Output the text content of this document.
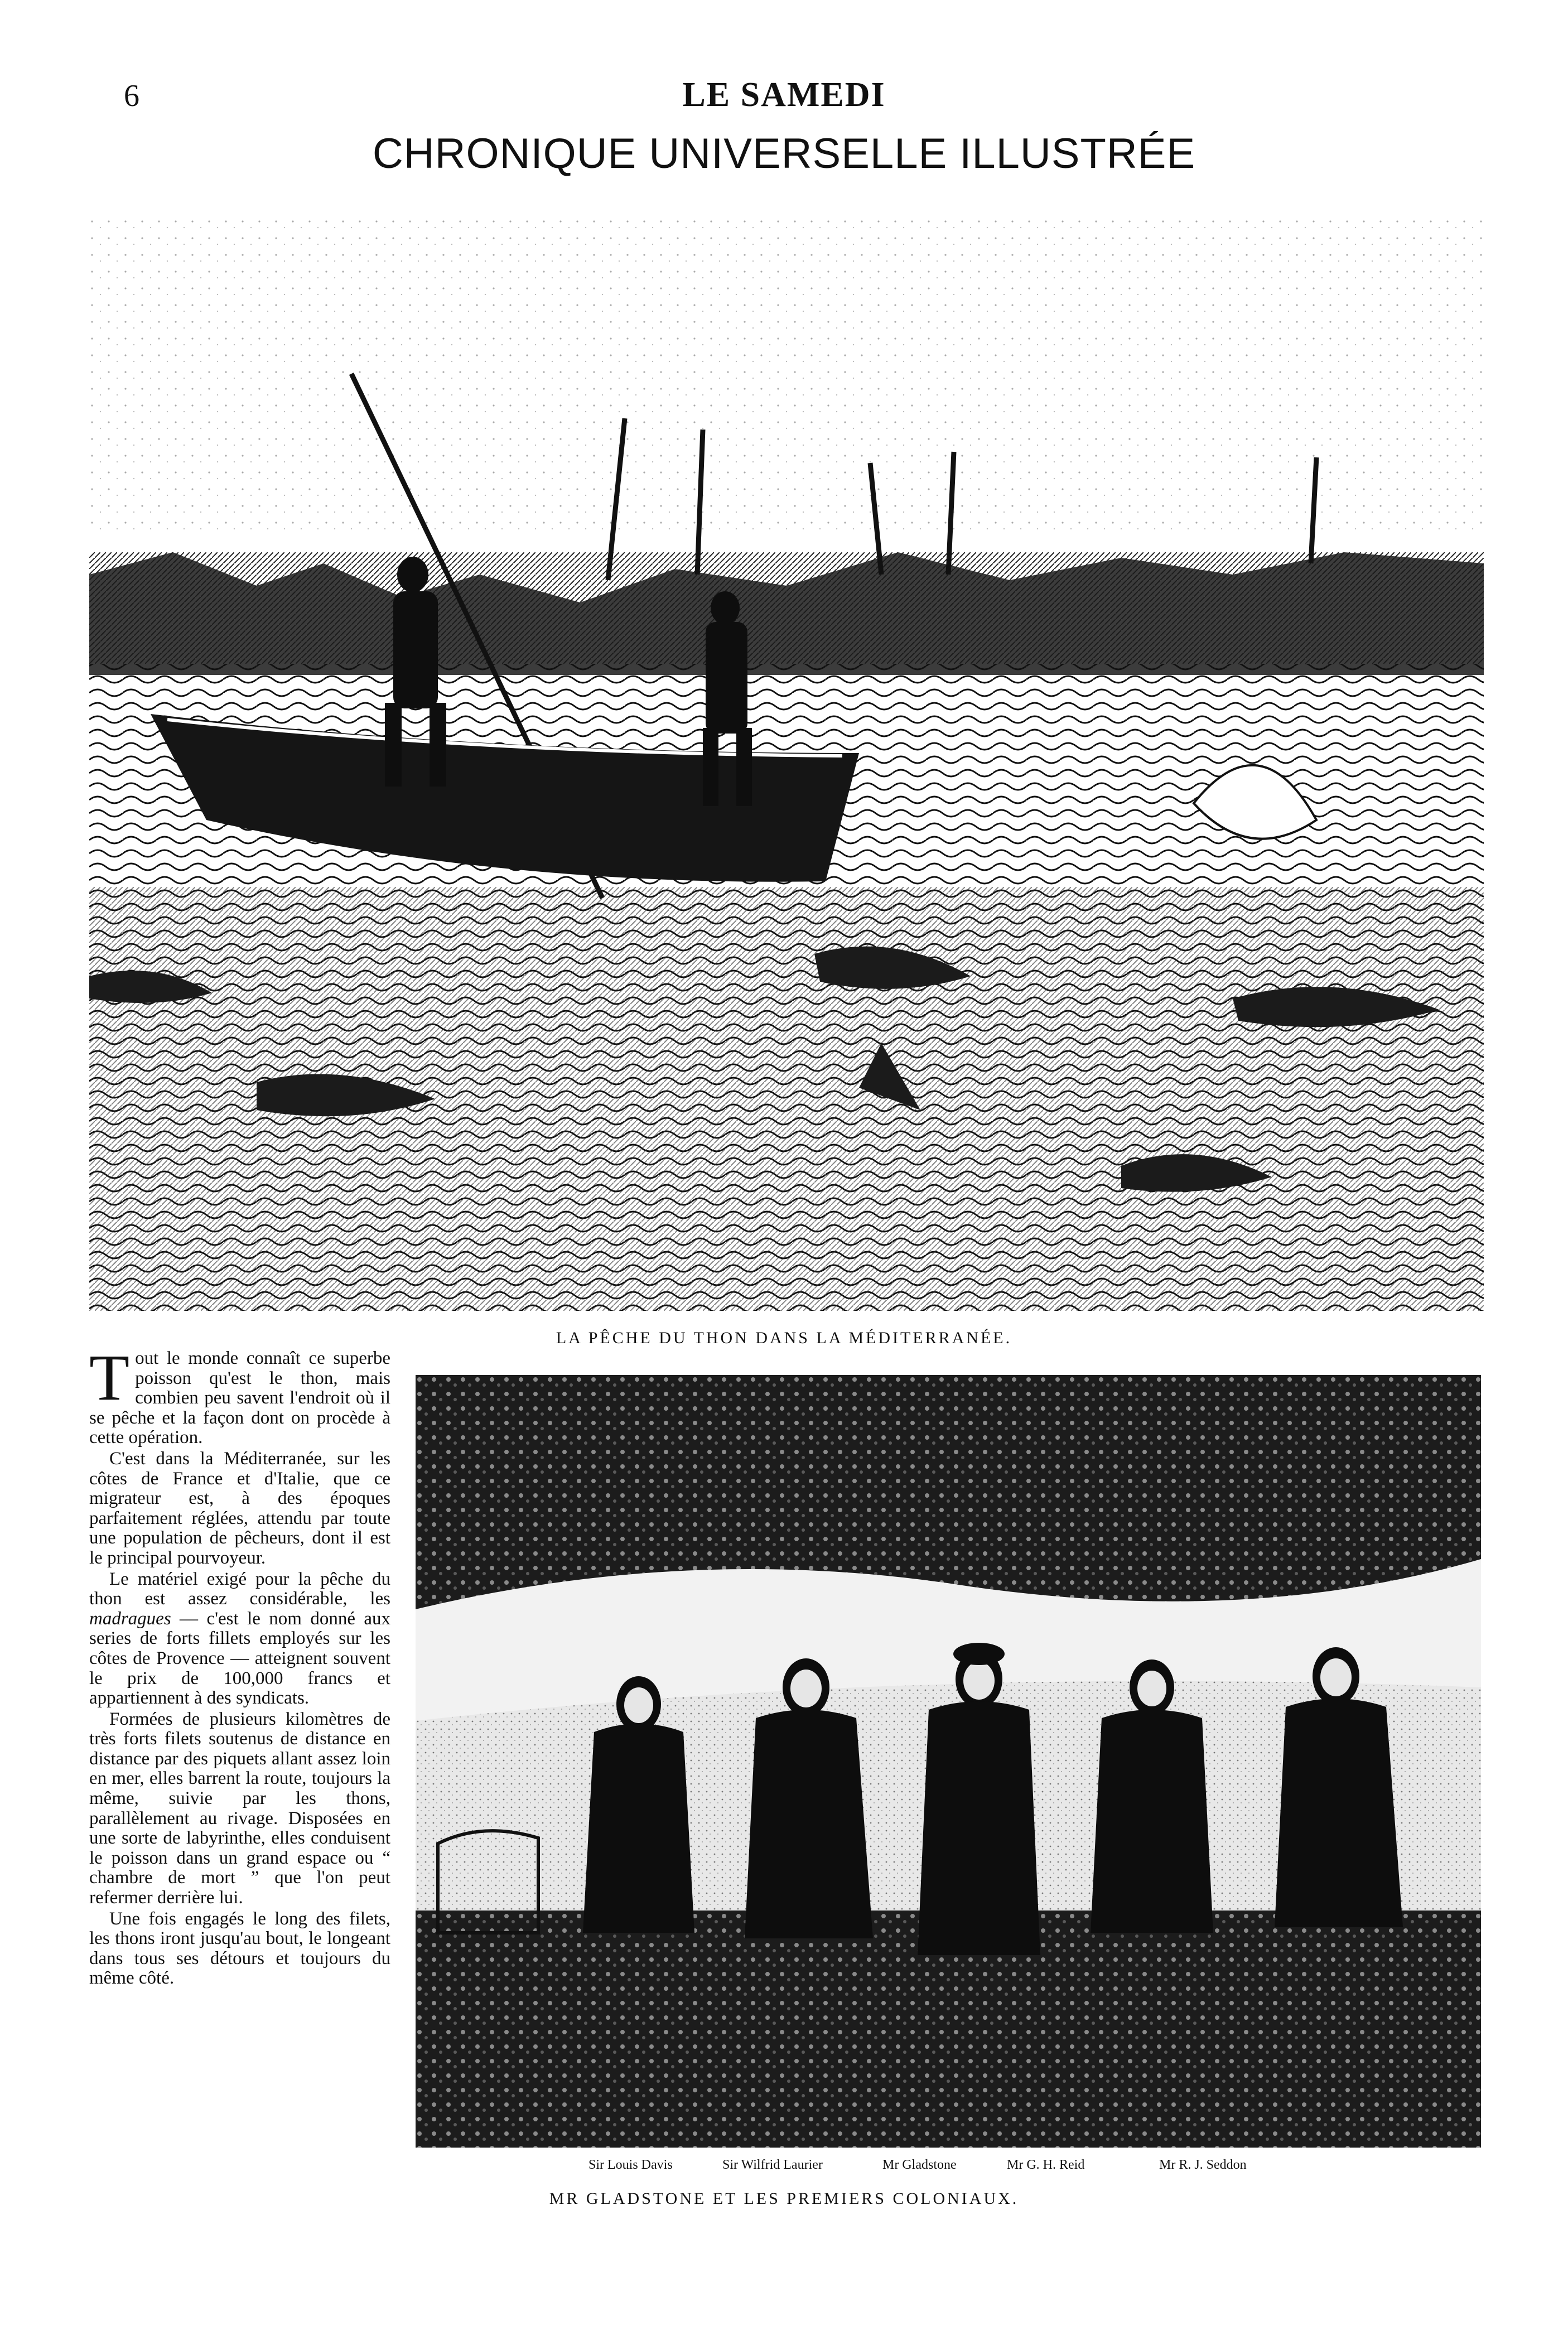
6	LE SAMEDI
CHRONIQUE UNIVERSELLE ILLUSTRÉE
LA PÊCHE DU THON DANS LA MÉDITERRANÉE.

Tout le monde connaît ce superbe poisson qu'est le thon, mais combien peu savent l'endroit où il se pêche et la façon dont on procède à cette opération.

C'est dans la Méditerranée, sur les côtes de France et d'Italie, que ce migrateur est, à des époques parfaitement réglées, attendu par toute une population de pêcheurs, dont il est le principal pourvoyeur.

Le matériel exigé pour la pêche du thon est assez considérable, les madragues — c'est le nom donné aux series de forts fillets employés sur les côtes de Provence — atteignent souvent le prix de 100,000 francs et appartiennent à des syndicats.

Formées de plusieurs kilomètres de très forts filets soutenus de distance en distance par des piquets allant assez loin en mer, elles barrent la route, toujours la même, suivie par les thons, parallèlement au rivage. Disposées en une sorte de labyrinthe, elles conduisent le poisson dans un grand espace ou “ chambre de mort ” que l'on peut refermer derrière lui.

Une fois engagés le long des filets, les thons iront jusqu'au bout, le longeant dans tous ses détours et toujours du même côté.

Sir Louis Davis	Sir Wilfrid Laurier	Mr Gladstone	Mr G. H. Reid	Mr R. J. Seddon
MR GLADSTONE ET LES PREMIERS COLONIAUX.
